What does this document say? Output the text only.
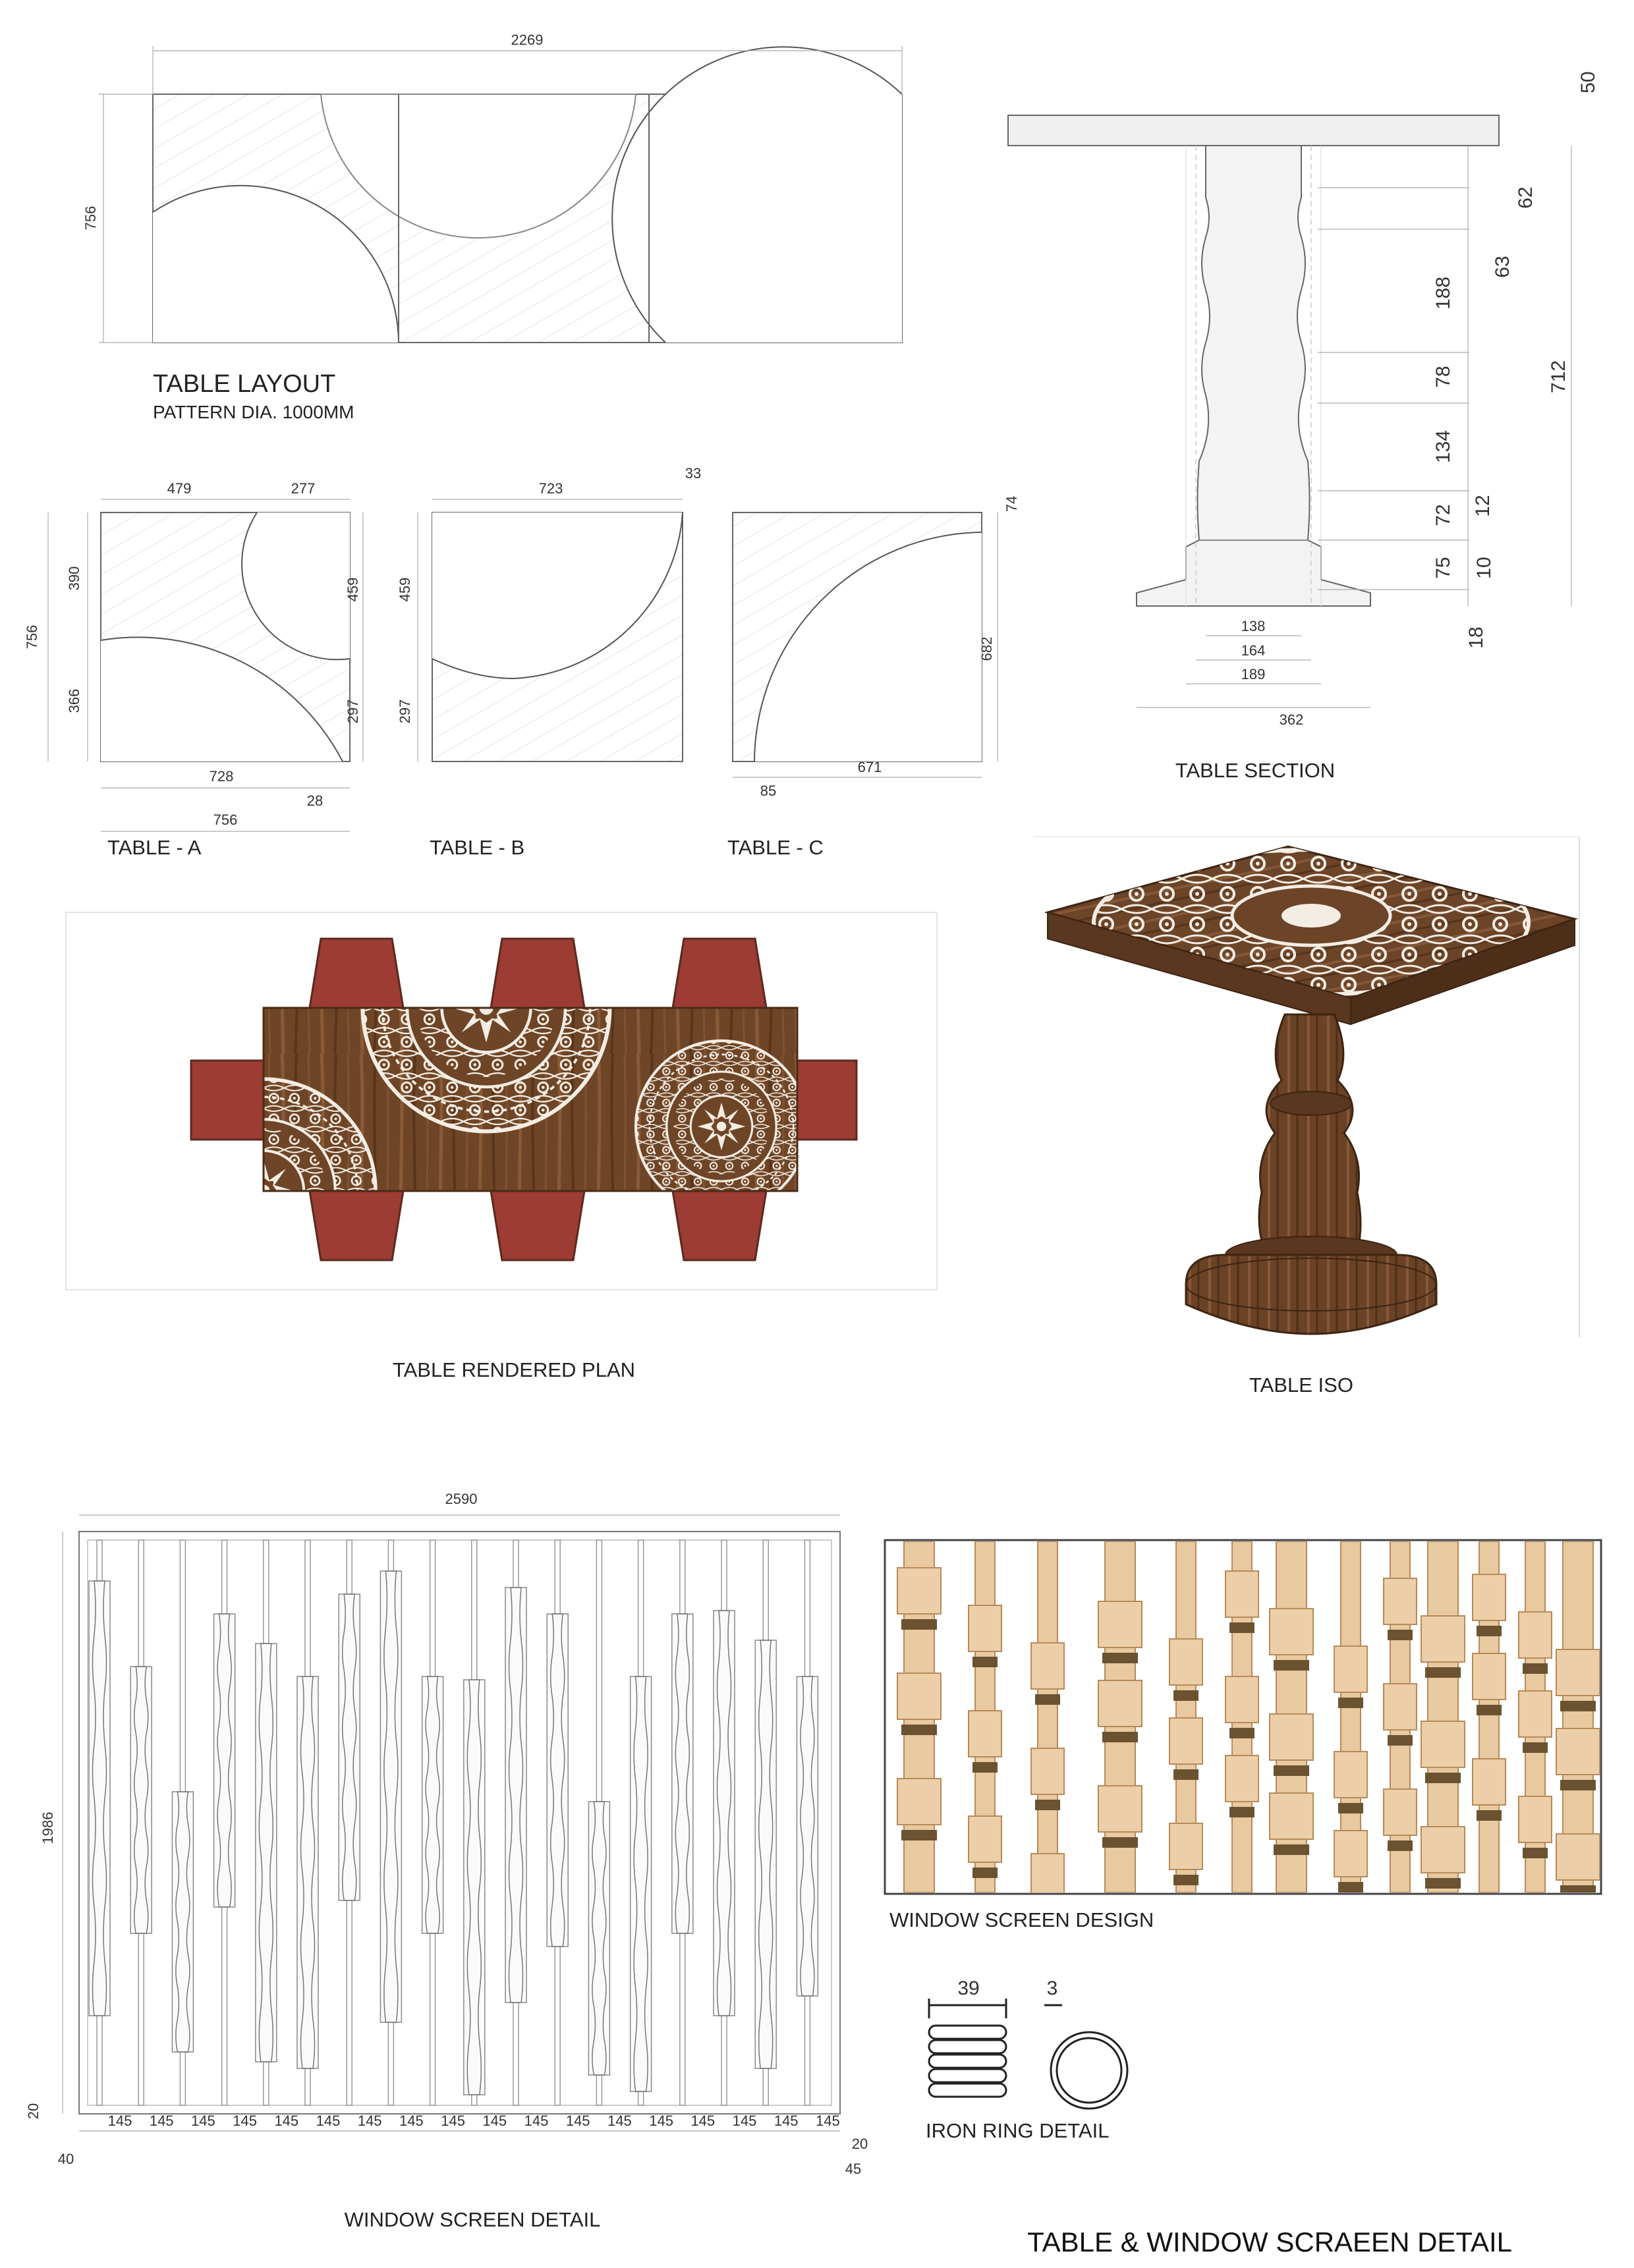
2269
756
TABLE LAYOUT
PATTERN DIA. 1000MM
479	277
390
366
756
459
297
728
756
28
TABLE - A
723
33
459
297
TABLE - B
74
682
85
671
TABLE - C
50
62
63
188
78
134
72 12
75 10
18
712
138
164
189
362
TABLE SECTION
TABLE RENDERED PLAN
TABLE ISO
2590
1986
20
40
145 145 145 145 145 145 145 145 145 145 145 145 145 145 145 145 145 145
20
45
WINDOW SCREEN DETAIL
WINDOW SCREEN DESIGN
39	3
IRON RING DETAIL
TABLE & WINDOW SCRAEEN DETAIL
